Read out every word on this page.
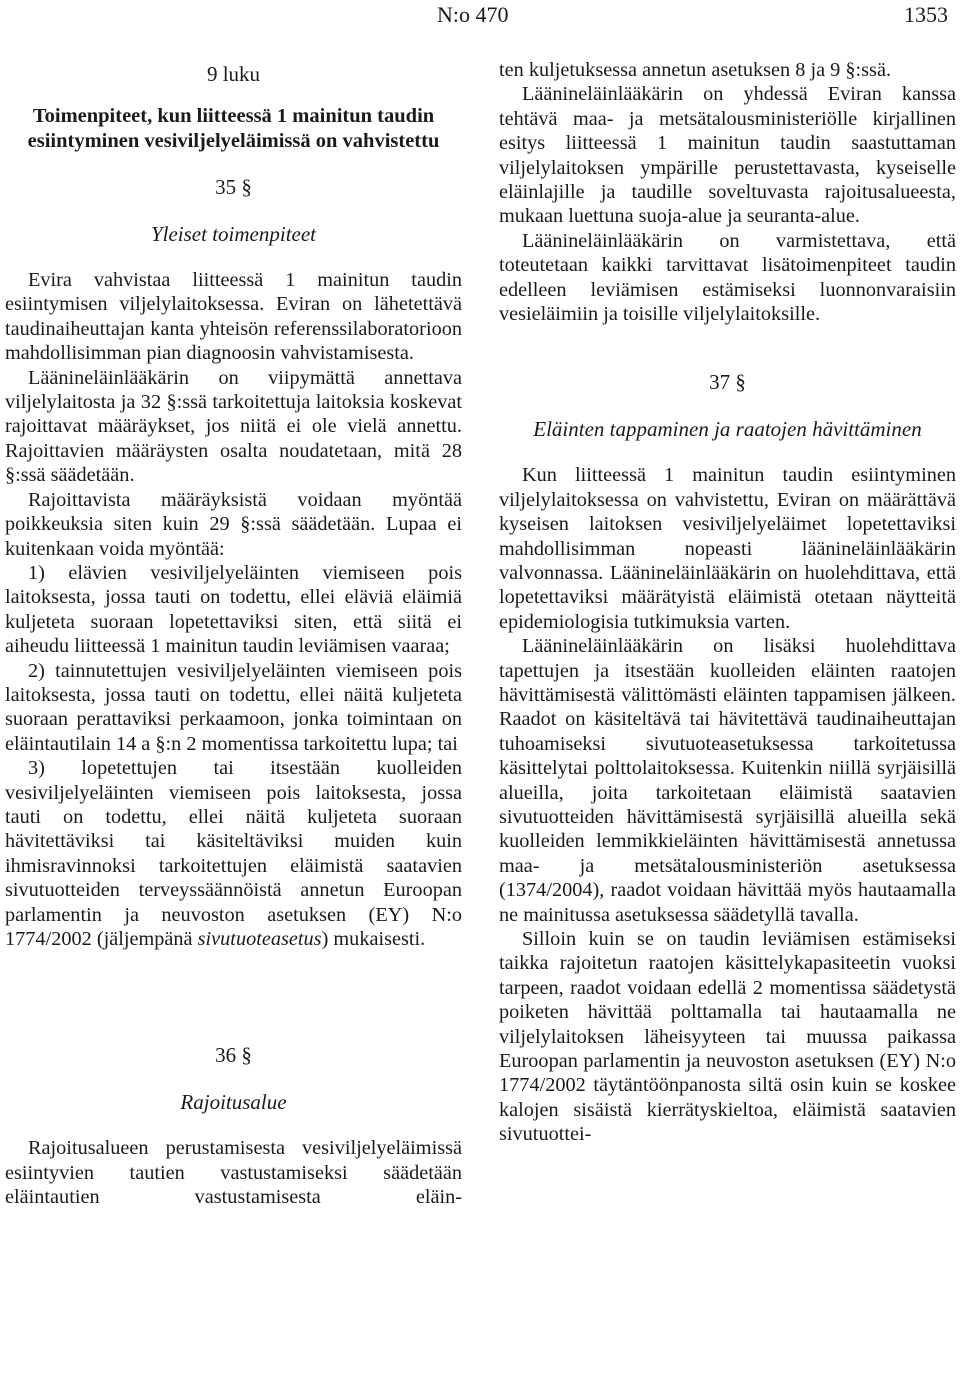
N:o 470	1353
9 luku
Toimenpiteet, kun liitteessä 1 mainitun taudin esiintyminen vesiviljelyeläimissä on vahvistettu
35 §
Yleiset toimenpiteet

Evira vahvistaa liitteessä 1 mainitun taudin esiintymisen viljelylaitoksessa. Eviran on lähetettävä taudinaiheuttajan kanta yhteisön referenssilaboratorioon mahdollisimman pian diagnoosin vahvistamisesta.

Läänineläinlääkärin on viipymättä annettava viljelylaitosta ja 32 §:ssä tarkoitettuja laitoksia koskevat rajoittavat määräykset, jos niitä ei ole vielä annettu. Rajoittavien määräysten osalta noudatetaan, mitä 28 §:ssä säädetään.

Rajoittavista määräyksistä voidaan myöntää poikkeuksia siten kuin 29 §:ssä säädetään. Lupaa ei kuitenkaan voida myöntää:

1) elävien vesiviljelyeläinten viemiseen pois laitoksesta, jossa tauti on todettu, ellei eläviä eläimiä kuljeteta suoraan lopetettaviksi siten, että siitä ei aiheudu liitteessä 1 mainitun taudin leviämisen vaaraa;

2) tainnutettujen vesiviljelyeläinten viemiseen pois laitoksesta, jossa tauti on todettu, ellei näitä kuljeteta suoraan perattaviksi perkaamoon, jonka toimintaan on eläintautilain 14 a §:n 2 momentissa tarkoitettu lupa; tai

3) lopetettujen tai itsestään kuolleiden vesiviljelyeläinten viemiseen pois laitoksesta, jossa tauti on todettu, ellei näitä kuljeteta suoraan hävitettäviksi tai käsiteltäviksi muiden kuin ihmisravinnoksi tarkoitettujen eläimistä saatavien sivutuotteiden terveyssäännöistä annetun Euroopan parlamentin ja neuvoston asetuksen (EY) N:o 1774/2002 (jäljempänä sivutuoteasetus) mukaisesti.

36 §
Rajoitusalue

Rajoitusalueen perustamisesta vesiviljelyeläimissä esiintyvien tautien vastustamiseksi säädetään eläintautien vastustamisesta eläin-

ten kuljetuksessa annetun asetuksen 8 ja 9 §:ssä.

Läänineläinlääkärin on yhdessä Eviran kanssa tehtävä maa- ja metsätalousministeriölle kirjallinen esitys liitteessä 1 mainitun taudin saastuttaman viljelylaitoksen ympärille perustettavasta, kyseiselle eläinlajille ja taudille soveltuvasta rajoitusalueesta, mukaan luettuna suoja-alue ja seuranta-alue.

Läänineläinlääkärin on varmistettava, että toteutetaan kaikki tarvittavat lisätoimenpiteet taudin edelleen leviämisen estämiseksi luonnonvaraisiin vesieläimiin ja toisille viljelylaitoksille.

37 §
Eläinten tappaminen ja raatojen hävittäminen

Kun liitteessä 1 mainitun taudin esiintyminen viljelylaitoksessa on vahvistettu, Eviran on määrättävä kyseisen laitoksen vesiviljelyeläimet lopetettaviksi mahdollisimman nopeasti läänineläinlääkärin valvonnassa. Läänineläinlääkärin on huolehdittava, että lopetettaviksi määrätyistä eläimistä otetaan näytteitä epidemiologisia tutkimuksia varten.

Läänineläinlääkärin on lisäksi huolehdittava tapettujen ja itsestään kuolleiden eläinten raatojen hävittämisestä välittömästi eläinten tappamisen jälkeen. Raadot on käsiteltävä tai hävitettävä taudinaiheuttajan tuhoamiseksi sivutuoteasetuksessa tarkoitetussa käsittelytai polttolaitoksessa. Kuitenkin niillä syrjäisillä alueilla, joita tarkoitetaan eläimistä saatavien sivutuotteiden hävittämisestä syrjäisillä alueilla sekä kuolleiden lemmikkieläinten hävittämisestä annetussa maa- ja metsätalousministeriön asetuksessa (1374/2004), raadot voidaan hävittää myös hautaamalla ne mainitussa asetuksessa säädetyllä tavalla.

Silloin kuin se on taudin leviämisen estämiseksi taikka rajoitetun raatojen käsittelykapasiteetin vuoksi tarpeen, raadot voidaan edellä 2 momentissa säädetystä poiketen hävittää polttamalla tai hautaamalla ne viljelylaitoksen läheisyyteen tai muussa paikassa Euroopan parlamentin ja neuvoston asetuksen (EY) N:o 1774/2002 täytäntöönpanosta siltä osin kuin se koskee kalojen sisäistä kierrätyskieltoa, eläimistä saatavien sivutuottei-
